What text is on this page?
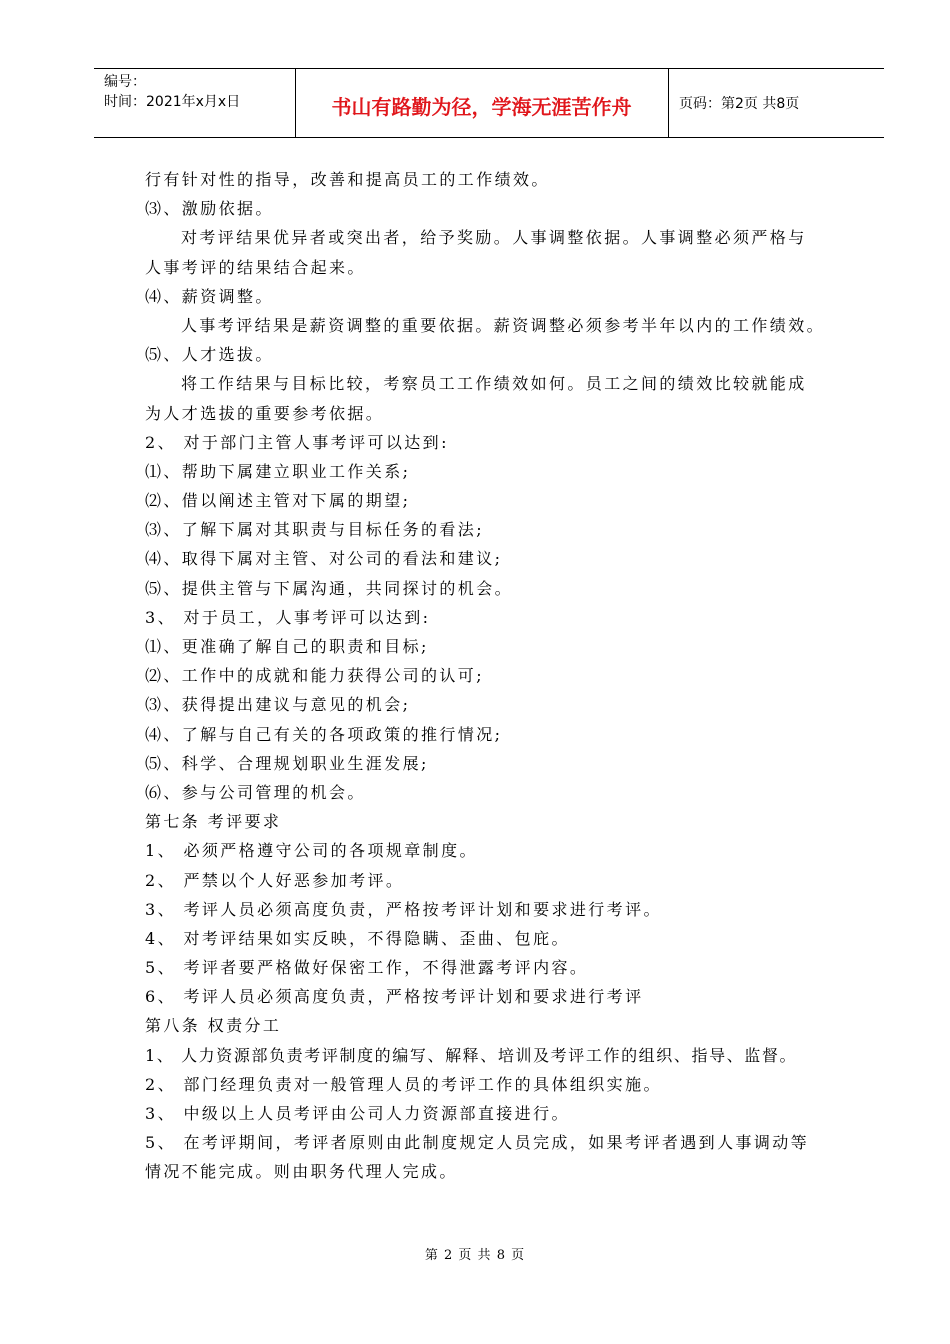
编号：
时间：2021年x月x日	书山有路勤为径，学海无涯苦作舟	页码：第2页 共8页
行有针对性的指导，改善和提高员工的工作绩效。
⑶、激励依据。
对考评结果优异者或突出者，给予奖励。人事调整依据。人事调整必须严格与
人事考评的结果结合起来。
⑷、薪资调整。
人事考评结果是薪资调整的重要依据。薪资调整必须参考半年以内的工作绩效。
⑸、人才选拔。
将工作结果与目标比较，考察员工工作绩效如何。员工之间的绩效比较就能成
为人才选拔的重要参考依据。
2、 对于部门主管人事考评可以达到:
⑴、帮助下属建立职业工作关系;
⑵、借以阐述主管对下属的期望;
⑶、了解下属对其职责与目标任务的看法;
⑷、取得下属对主管、对公司的看法和建议;
⑸、提供主管与下属沟通，共同探讨的机会。
3、 对于员工，人事考评可以达到:
⑴、更准确了解自己的职责和目标;
⑵、工作中的成就和能力获得公司的认可;
⑶、获得提出建议与意见的机会;
⑷、了解与自己有关的各项政策的推行情况;
⑸、科学、合理规划职业生涯发展;
⑹、参与公司管理的机会。
第七条 考评要求
1、 必须严格遵守公司的各项规章制度。
2、 严禁以个人好恶参加考评。
3、 考评人员必须高度负责，严格按考评计划和要求进行考评。
4、 对考评结果如实反映，不得隐瞒、歪曲、包庇。
5、 考评者要严格做好保密工作，不得泄露考评内容。
6、 考评人员必须高度负责，严格按考评计划和要求进行考评
第八条 权责分工
1、 人力资源部负责考评制度的编写、解释、培训及考评工作的组织、指导、监督。
2、 部门经理负责对一般管理人员的考评工作的具体组织实施。
3、 中级以上人员考评由公司人力资源部直接进行。
5、 在考评期间，考评者原则由此制度规定人员完成，如果考评者遇到人事调动等
情况不能完成。则由职务代理人完成。
第 2 页 共 8 页
